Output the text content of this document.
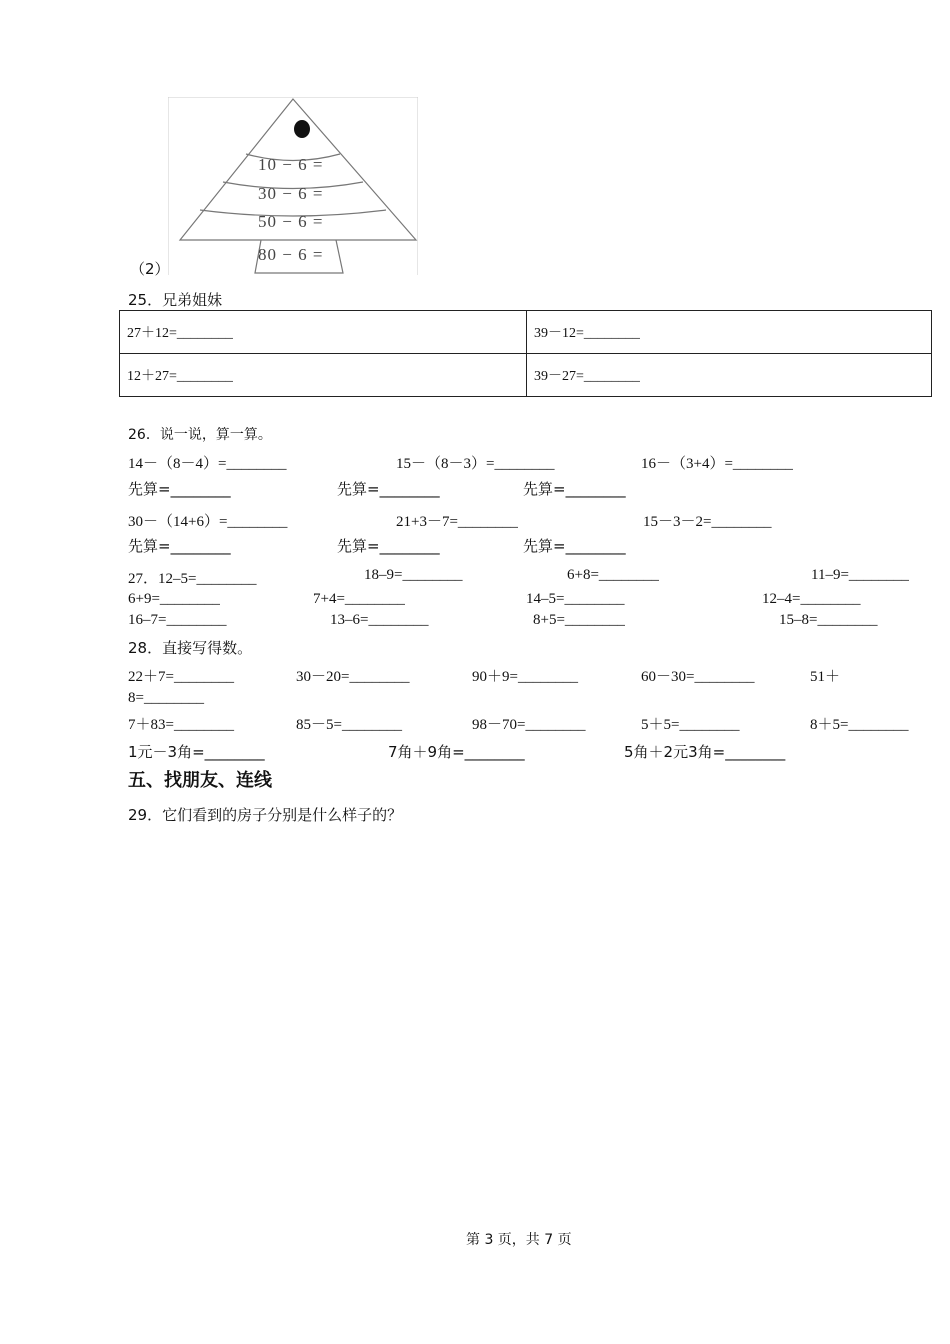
（2）
10 − 6 =
30 − 6 =
50 − 6 =
80 − 6 =
25．兄弟姐妹
27＋12=________	39－12=________
12＋27=________	39－27=________
26．说一说，算一算。
14－（8－4）=________	15－（8－3）=________	16－（3+4）=________
先算=________	先算=________	先算=________
30－（14+6）=________	21+3－7=________	15－3－2=________
先算=________	先算=________	先算=________
27．12–5=________	18–9=________	6+8=________	11–9=________
6+9=________	7+4=________	14–5=________	12–4=________
16–7=________	13–6=________	8+5=________	15–8=________
28．直接写得数。
22＋7=________	30－20=________	90＋9=________	60－30=________	51＋
8=________
7＋83=________	85－5=________	98－70=________	5＋5=________	8＋5=________
1元－3角=________	7角＋9角=________	5角＋2元3角=________
五、找朋友、连线
29．它们看到的房子分别是什么样子的？
第 3 页，共 7 页
